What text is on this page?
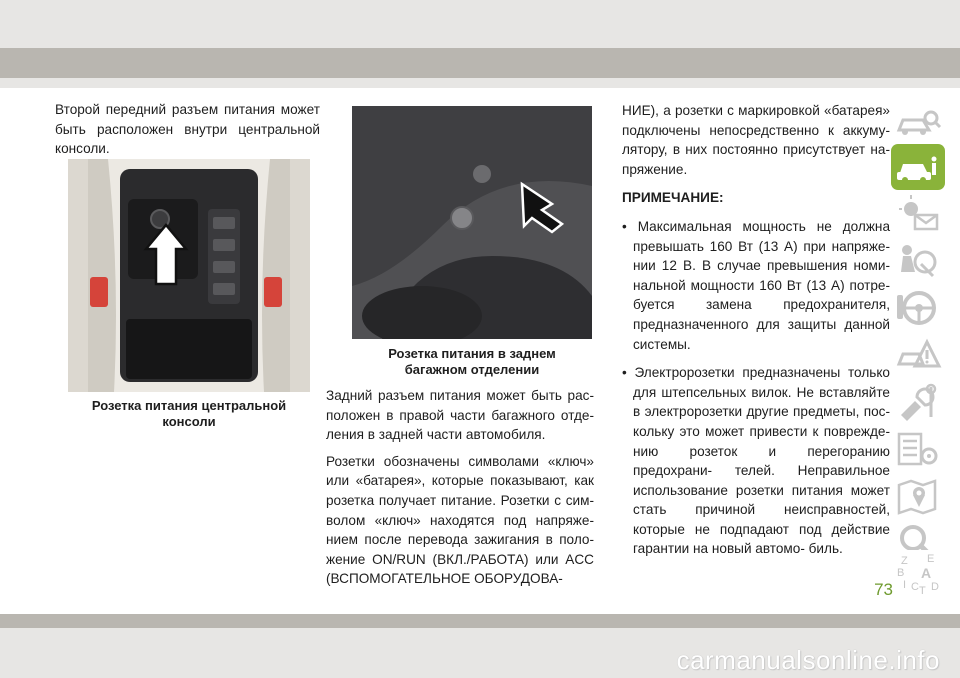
Второй передний разъем питания может быть расположен внутри центральной консоли.

Розетка питания центральной
консоли
Розетка питания в заднем
багажном отделении

Задний разъем питания может быть рас- положен в правой части багажного отде- ления в задней части автомобиля.

Розетки обозначены символами «ключ» или «батарея», которые показывают, как розетка получает питание. Розетки с сим- волом «ключ» находятся под напряже- нием после перевода зажигания в поло- жение ON/RUN (ВКЛ./РАБОТА) или ACC (ВСПОМОГАТЕЛЬНОЕ ОБОРУДОВА-

НИЕ), а розетки с маркировкой «батарея» подключены непосредственно к аккуму- лятору, в них постоянно присутствует на- пряжение.

ПРИМЕЧАНИЕ:

• Максимальная мощность не должна превышать 160 Вт (13 А) при напряже- нии 12 В. В случае превышения номи- нальной мощности 160 Вт (13 А) потре- буется замена предохранителя, предназначенного для защиты данной системы.

• Электророзетки предназначены только для штепсельных вилок. Не вставляйте в электророзетки другие предметы, пос- кольку это может привести к поврежде- нию розеток и перегоранию предохрани- телей. Неправильное использование розетки питания может стать причиной неисправностей, которые не подпадают под действие гарантии на новый автомо- биль.

Z E
B A
I C T D
73
carmanualsonline.info
